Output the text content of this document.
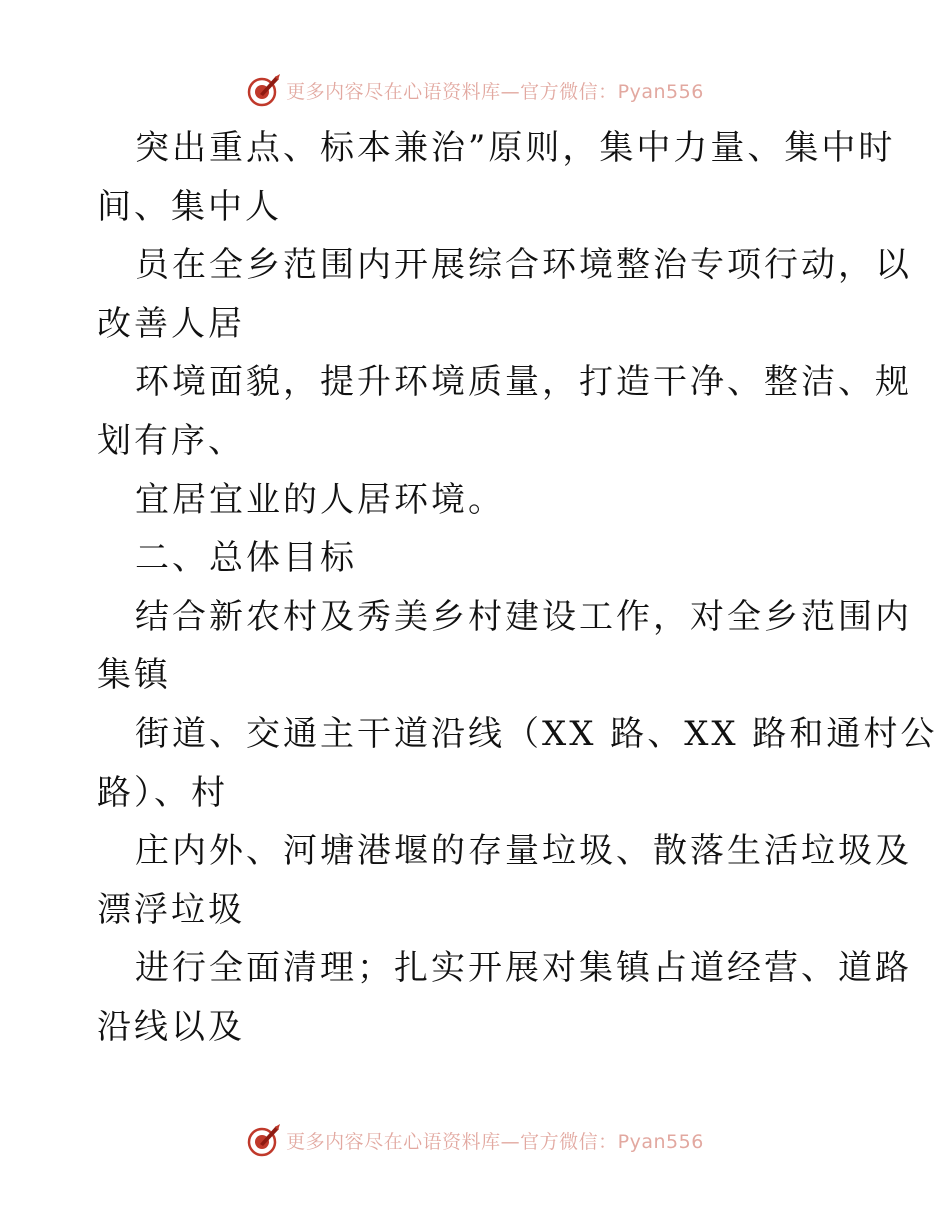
更多内容尽在心语资料库—官方微信：Pyan556
突出重点、标本兼治”原则，集中力量、集中时
间、集中人
员在全乡范围内开展综合环境整治专项行动，以
改善人居
环境面貌，提升环境质量，打造干净、整洁、规
划有序、
宜居宜业的人居环境。
二、总体目标
结合新农村及秀美乡村建设工作，对全乡范围内
集镇
街道、交通主干道沿线（XX 路、XX 路和通村公
路）、村
庄内外、河塘港堰的存量垃圾、散落生活垃圾及
漂浮垃圾
进行全面清理；扎实开展对集镇占道经营、道路
沿线以及
更多内容尽在心语资料库—官方微信：Pyan556
